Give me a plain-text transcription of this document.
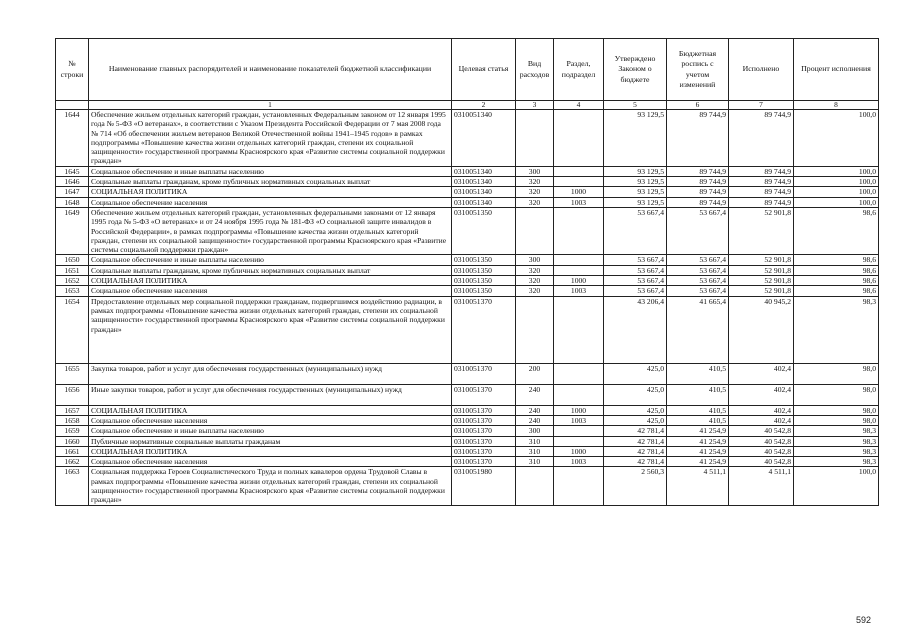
№ строки	Наименование главных распорядителей и наименование показателей бюджетной классификации	Целевая статья	Вид расходов	Раздел, подраздел	Утверждено Законом о бюджете	Бюджетная роспись с учетом изменений	Исполнено	Процент исполнения
	1	2	3	4	5	6	7	8
1644	Обеспечение жильем отдельных категорий граждан, установленных Федеральным законом от 12 января 1995 года № 5-ФЗ «О ветеранах», в соответствии с Указом Президента Российской Федерации от 7 мая 2008 года № 714 «Об обеспечении жильем ветеранов Великой Отечественной войны 1941–1945 годов» в рамках подпрограммы «Повышение качества жизни отдельных категорий граждан, степени их социальной защищенности» государственной программы Красноярского края «Развитие системы социальной поддержки граждан»	0310051340			93 129,5	89 744,9	89 744,9	100,0
1645	Социальное обеспечение и иные выплаты населению	0310051340	300		93 129,5	89 744,9	89 744,9	100,0
1646	Социальные выплаты гражданам, кроме публичных нормативных социальных выплат	0310051340	320		93 129,5	89 744,9	89 744,9	100,0
1647	СОЦИАЛЬНАЯ ПОЛИТИКА	0310051340	320	1000	93 129,5	89 744,9	89 744,9	100,0
1648	Социальное обеспечение населения	0310051340	320	1003	93 129,5	89 744,9	89 744,9	100,0
1649	Обеспечение жильем отдельных категорий граждан, установленных федеральными законами от 12 января 1995 года № 5-ФЗ «О ветеранах» и от 24 ноября 1995 года № 181-ФЗ «О социальной защите инвалидов в Российской Федерации», в рамках подпрограммы «Повышение качества жизни отдельных категорий граждан, степени их социальной защищенности» государственной программы Красноярского края «Развитие системы социальной поддержки граждан»	0310051350			53 667,4	53 667,4	52 901,8	98,6
1650	Социальное обеспечение и иные выплаты населению	0310051350	300		53 667,4	53 667,4	52 901,8	98,6
1651	Социальные выплаты гражданам, кроме публичных нормативных социальных выплат	0310051350	320		53 667,4	53 667,4	52 901,8	98,6
1652	СОЦИАЛЬНАЯ ПОЛИТИКА	0310051350	320	1000	53 667,4	53 667,4	52 901,8	98,6
1653	Социальное обеспечение населения	0310051350	320	1003	53 667,4	53 667,4	52 901,8	98,6
1654	Предоставление отдельных мер социальной поддержки гражданам, подвергшимся воздействию радиации, в рамках подпрограммы «Повышение качества жизни отдельных категорий граждан, степени их социальной защищенности» государственной программы Красноярского края «Развитие системы социальной поддержки граждан»	0310051370			43 206,4	41 665,4	40 945,2	98,3
1655	Закупка товаров, работ и услуг для обеспечения государственных (муниципальных) нужд	0310051370	200		425,0	410,5	402,4	98,0
1656	Иные закупки товаров, работ и услуг для обеспечения государственных (муниципальных) нужд	0310051370	240		425,0	410,5	402,4	98,0
1657	СОЦИАЛЬНАЯ ПОЛИТИКА	0310051370	240	1000	425,0	410,5	402,4	98,0
1658	Социальное обеспечение населения	0310051370	240	1003	425,0	410,5	402,4	98,0
1659	Социальное обеспечение и иные выплаты населению	0310051370	300		42 781,4	41 254,9	40 542,8	98,3
1660	Публичные нормативные социальные выплаты гражданам	0310051370	310		42 781,4	41 254,9	40 542,8	98,3
1661	СОЦИАЛЬНАЯ ПОЛИТИКА	0310051370	310	1000	42 781,4	41 254,9	40 542,8	98,3
1662	Социальное обеспечение населения	0310051370	310	1003	42 781,4	41 254,9	40 542,8	98,3
1663	Социальная поддержка Героев Социалистического Труда и полных кавалеров ордена Трудовой Славы в рамках подпрограммы «Повышение качества жизни отдельных категорий граждан, степени их социальной защищенности» государственной программы Красноярского края «Развитие системы социальной поддержки граждан»	0310051980			2 560,3	4 511,1	4 511,1	100,0
592
